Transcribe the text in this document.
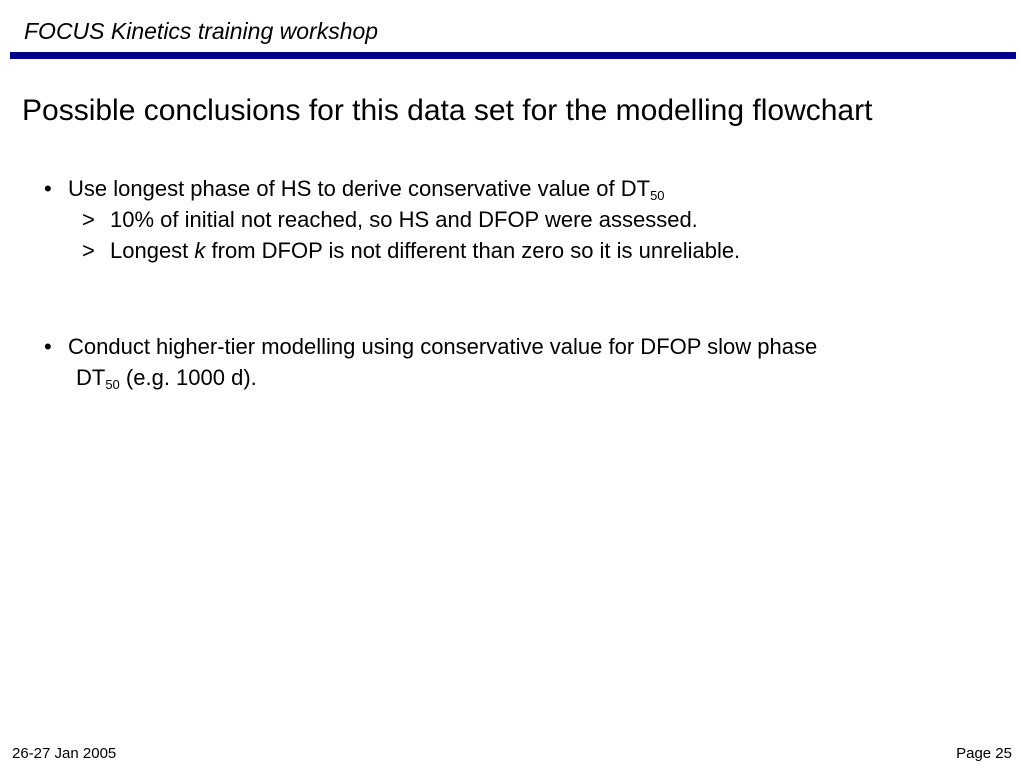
FOCUS Kinetics training workshop
Possible conclusions for this data set for the modelling flowchart
• Use longest phase of HS to derive conservative value of $DT_{50}$
> 10% of initial not reached, so HS and DFOP were assessed.
> Longest k from DFOP is not different than zero so it is unreliable.
• Conduct higher-tier modelling using conservative value for DFOP slow phase
$DT_{50}$ (e.g. 1000 d).
26-27 Jan 2005	Page 25
